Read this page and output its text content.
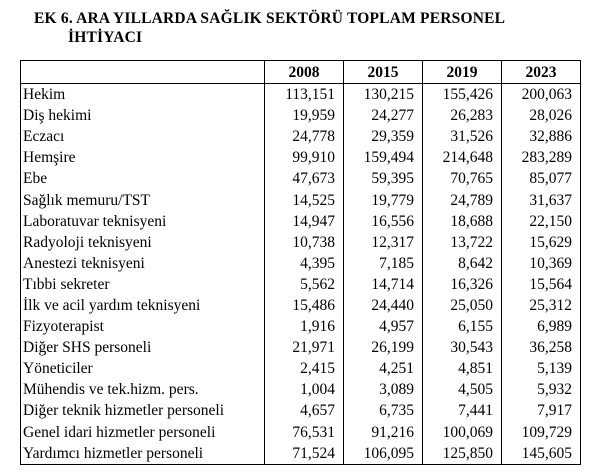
EK 6. ARA YILLARDA SAĞLIK SEKTÖRÜ TOPLAM PERSONEL
İHTİYACI
	2008	2015	2019	2023
Hekim	113,151	130,215	155,426	200,063
Diş hekimi	19,959	24,277	26,283	28,026
Eczacı	24,778	29,359	31,526	32,886
Hemşire	99,910	159,494	214,648	283,289
Ebe	47,673	59,395	70,765	85,077
Sağlık memuru/TST	14,525	19,779	24,789	31,637
Laboratuvar teknisyeni	14,947	16,556	18,688	22,150
Radyoloji teknisyeni	10,738	12,317	13,722	15,629
Anestezi teknisyeni	4,395	7,185	8,642	10,369
Tıbbi sekreter	5,562	14,714	16,326	15,564
İlk ve acil yardım teknisyeni	15,486	24,440	25,050	25,312
Fizyoterapist	1,916	4,957	6,155	6,989
Diğer SHS personeli	21,971	26,199	30,543	36,258
Yöneticiler	2,415	4,251	4,851	5,139
Mühendis ve tek.hizm. pers.	1,004	3,089	4,505	5,932
Diğer teknik hizmetler personeli	4,657	6,735	7,441	7,917
Genel idari hizmetler personeli	76,531	91,216	100,069	109,729
Yardımcı hizmetler personeli	71,524	106,095	125,850	145,605
